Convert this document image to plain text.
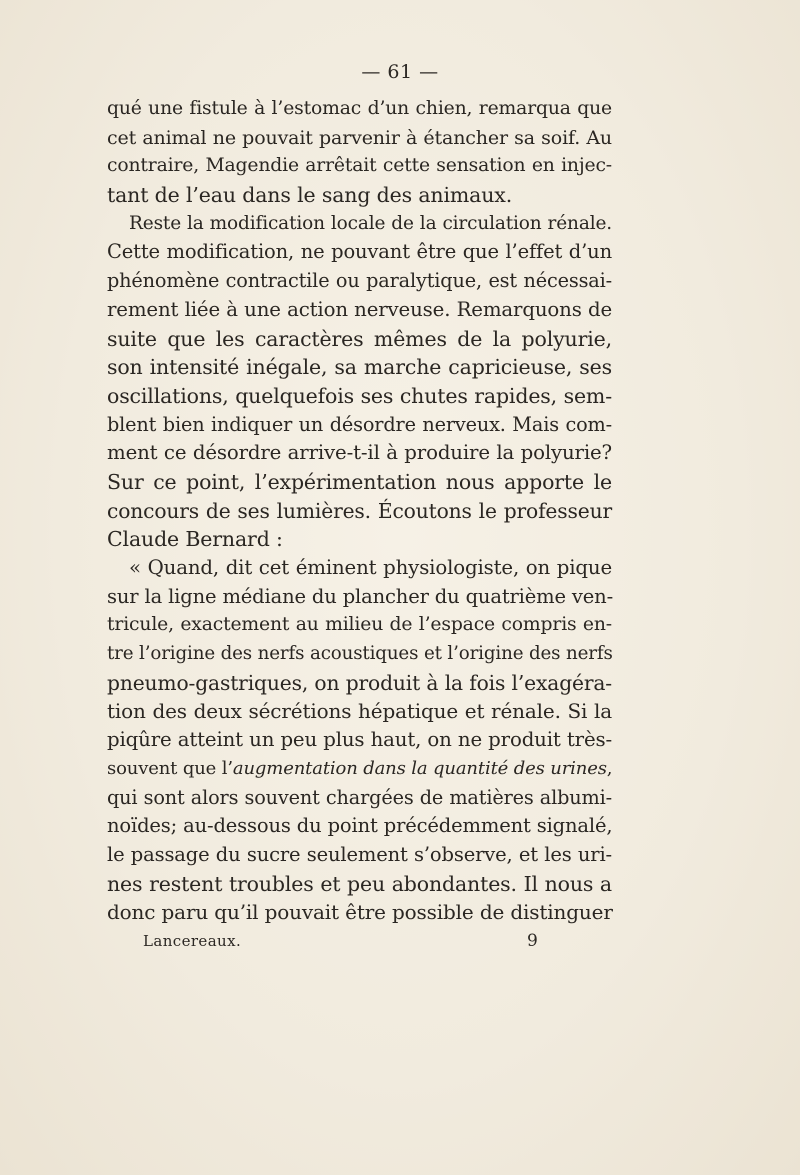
— 61 —
qué une fistule à l’estomac d’un chien, remarqua que
cet animal ne pouvait parvenir à étancher sa soif. Au
contraire, Magendie arrêtait cette sensation en injec-
tant de l’eau dans le sang des animaux.
Reste la modification locale de la circulation rénale.
Cette modification, ne pouvant être que l’effet d’un
phénomène contractile ou paralytique, est nécessai-
rement liée à une action nerveuse. Remarquons de
suite que les caractères mêmes de la polyurie,
son intensité inégale, sa marche capricieuse, ses
oscillations, quelquefois ses chutes rapides, sem-
blent bien indiquer un désordre nerveux. Mais com-
ment ce désordre arrive-t-il à produire la polyurie?
Sur ce point, l’expérimentation nous apporte le
concours de ses lumières. Écoutons le professeur
Claude Bernard :
« Quand, dit cet éminent physiologiste, on pique
sur la ligne médiane du plancher du quatrième ven-
tricule, exactement au milieu de l’espace compris en-
tre l’origine des nerfs acoustiques et l’origine des nerfs
pneumo-gastriques, on produit à la fois l’exagéra-
tion des deux sécrétions hépatique et rénale. Si la
piqûre atteint un peu plus haut, on ne produit très-
souvent que l’augmentation dans la quantité des urines,
qui sont alors souvent chargées de matières albumi-
noïdes; au-dessous du point précédemment signalé,
le passage du sucre seulement s’observe, et les uri-
nes restent troubles et peu abondantes. Il nous a
donc paru qu’il pouvait être possible de distinguer
Lancereaux.	9
